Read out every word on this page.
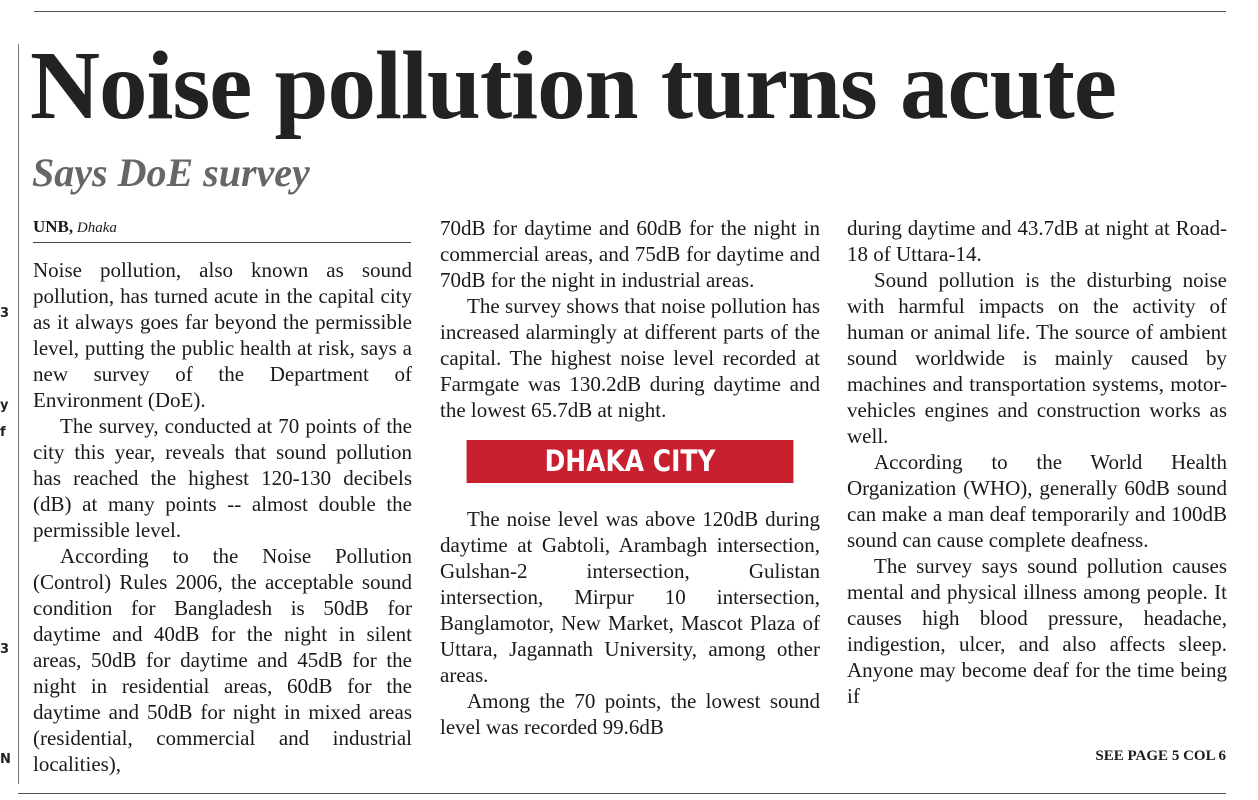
3
y
f
3
N
Noise pollution turns acute
Says DoE survey
UNB, Dhaka

Noise pollution, also known as sound pollution, has turned acute in the capital city as it always goes far beyond the permissible level, putting the public health at risk, says a new survey of the Department of Environment (DoE).

The survey, conducted at 70 points of the city this year, reveals that sound pollution has reached the highest 120-130 decibels (dB) at many points -- almost double the permissible level.

According to the Noise Pollution (Control) Rules 2006, the acceptable sound condition for Bangladesh is 50dB for daytime and 40dB for the night in silent areas, 50dB for daytime and 45dB for the night in residential areas, 60dB for the daytime and 50dB for night in mixed areas (residential, commercial and industrial localities),

70dB for daytime and 60dB for the night in commercial areas, and 75dB for daytime and 70dB for the night in industrial areas.

The survey shows that noise pollution has increased alarmingly at different parts of the capital. The highest noise level recorded at Farmgate was 130.2dB during daytime and the lowest 65.7dB at night.

DHAKA CITY

The noise level was above 120dB during daytime at Gabtoli, Arambagh intersection, Gulshan-2 intersection, Gulistan intersection, Mirpur 10 intersection, Banglamotor, New Market, Mascot Plaza of Uttara, Jagannath University, among other areas.

Among the 70 points, the lowest sound level was recorded 99.6dB

during daytime and 43.7dB at night at Road-18 of Uttara-14.

Sound pollution is the disturbing noise with harmful impacts on the activity of human or animal life. The source of ambient sound worldwide is mainly caused by machines and transportation systems, motor-vehicles engines and construction works as well.

According to the World Health Organization (WHO), generally 60dB sound can make a man deaf temporarily and 100dB sound can cause complete deafness.

The survey says sound pollution causes mental and physical illness among people. It causes high blood pressure, headache, indigestion, ulcer, and also affects sleep. Anyone may become deaf for the time being if

SEE PAGE 5 COL 6
